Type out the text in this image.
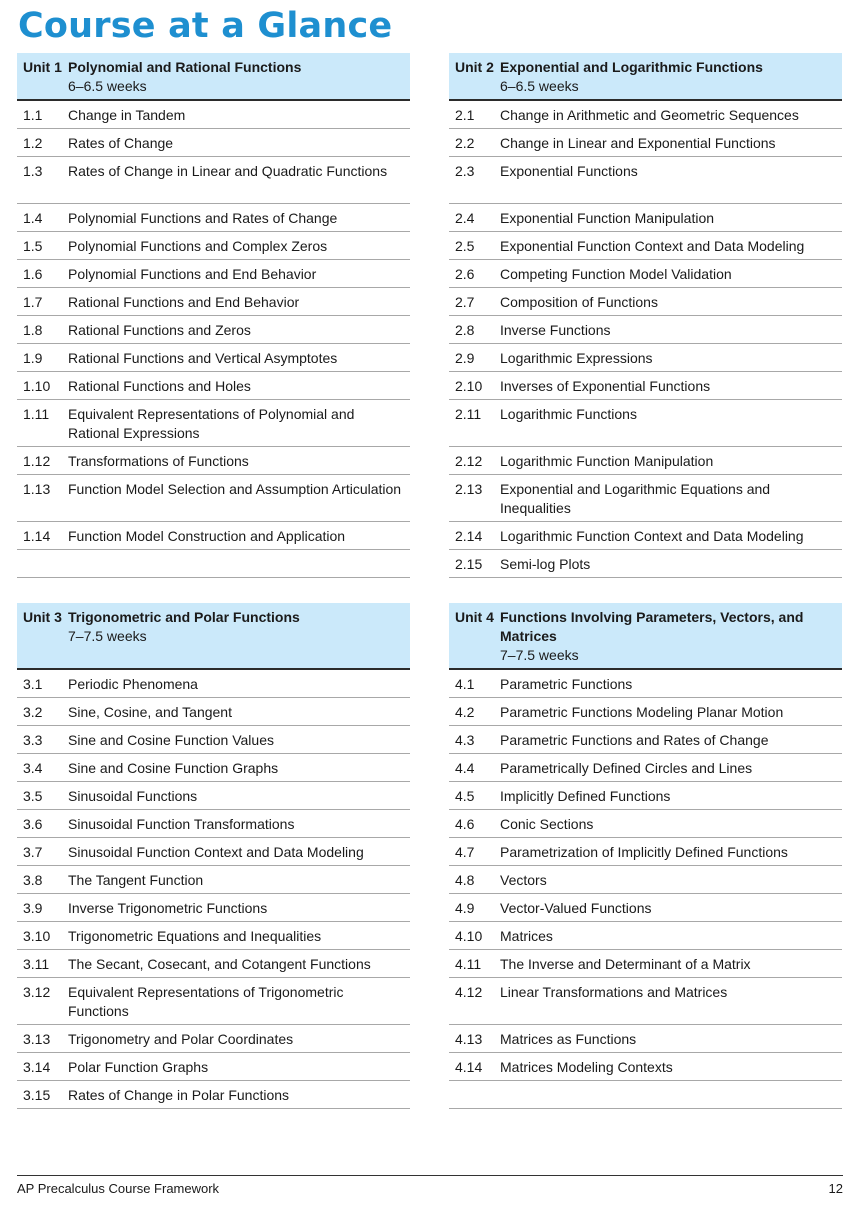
Course at a Glance
Unit 1 Polynomial and Rational Functions
6–6.5 weeks
1.1	Change in Tandem
1.2	Rates of Change
1.3	Rates of Change in Linear and Quadratic Functions
1.4	Polynomial Functions and Rates of Change
1.5	Polynomial Functions and Complex Zeros
1.6	Polynomial Functions and End Behavior
1.7	Rational Functions and End Behavior
1.8	Rational Functions and Zeros
1.9	Rational Functions and Vertical Asymptotes
1.10	Rational Functions and Holes
1.11	Equivalent Representations of Polynomial and Rational Expressions
1.12	Transformations of Functions
1.13	Function Model Selection and Assumption Articulation
1.14	Function Model Construction and Application
Unit 2 Exponential and Logarithmic Functions
6–6.5 weeks
2.1	Change in Arithmetic and Geometric Sequences
2.2	Change in Linear and Exponential Functions
2.3	Exponential Functions
2.4	Exponential Function Manipulation
2.5	Exponential Function Context and Data Modeling
2.6	Competing Function Model Validation
2.7	Composition of Functions
2.8	Inverse Functions
2.9	Logarithmic Expressions
2.10	Inverses of Exponential Functions
2.11	Logarithmic Functions
2.12	Logarithmic Function Manipulation
2.13	Exponential and Logarithmic Equations and Inequalities
2.14	Logarithmic Function Context and Data Modeling
2.15	Semi-log Plots
Unit 3 Trigonometric and Polar Functions
7–7.5 weeks
3.1	Periodic Phenomena
3.2	Sine, Cosine, and Tangent
3.3	Sine and Cosine Function Values
3.4	Sine and Cosine Function Graphs
3.5	Sinusoidal Functions
3.6	Sinusoidal Function Transformations
3.7	Sinusoidal Function Context and Data Modeling
3.8	The Tangent Function
3.9	Inverse Trigonometric Functions
3.10	Trigonometric Equations and Inequalities
3.11	The Secant, Cosecant, and Cotangent Functions
3.12	Equivalent Representations of Trigonometric Functions
3.13	Trigonometry and Polar Coordinates
3.14	Polar Function Graphs
3.15	Rates of Change in Polar Functions
Unit 4 Functions Involving Parameters, Vectors, and Matrices
7–7.5 weeks
4.1	Parametric Functions
4.2	Parametric Functions Modeling Planar Motion
4.3	Parametric Functions and Rates of Change
4.4	Parametrically Defined Circles and Lines
4.5	Implicitly Defined Functions
4.6	Conic Sections
4.7	Parametrization of Implicitly Defined Functions
4.8	Vectors
4.9	Vector-Valued Functions
4.10	Matrices
4.11	The Inverse and Determinant of a Matrix
4.12	Linear Transformations and Matrices
4.13	Matrices as Functions
4.14	Matrices Modeling Contexts
AP Precalculus Course Framework	12
